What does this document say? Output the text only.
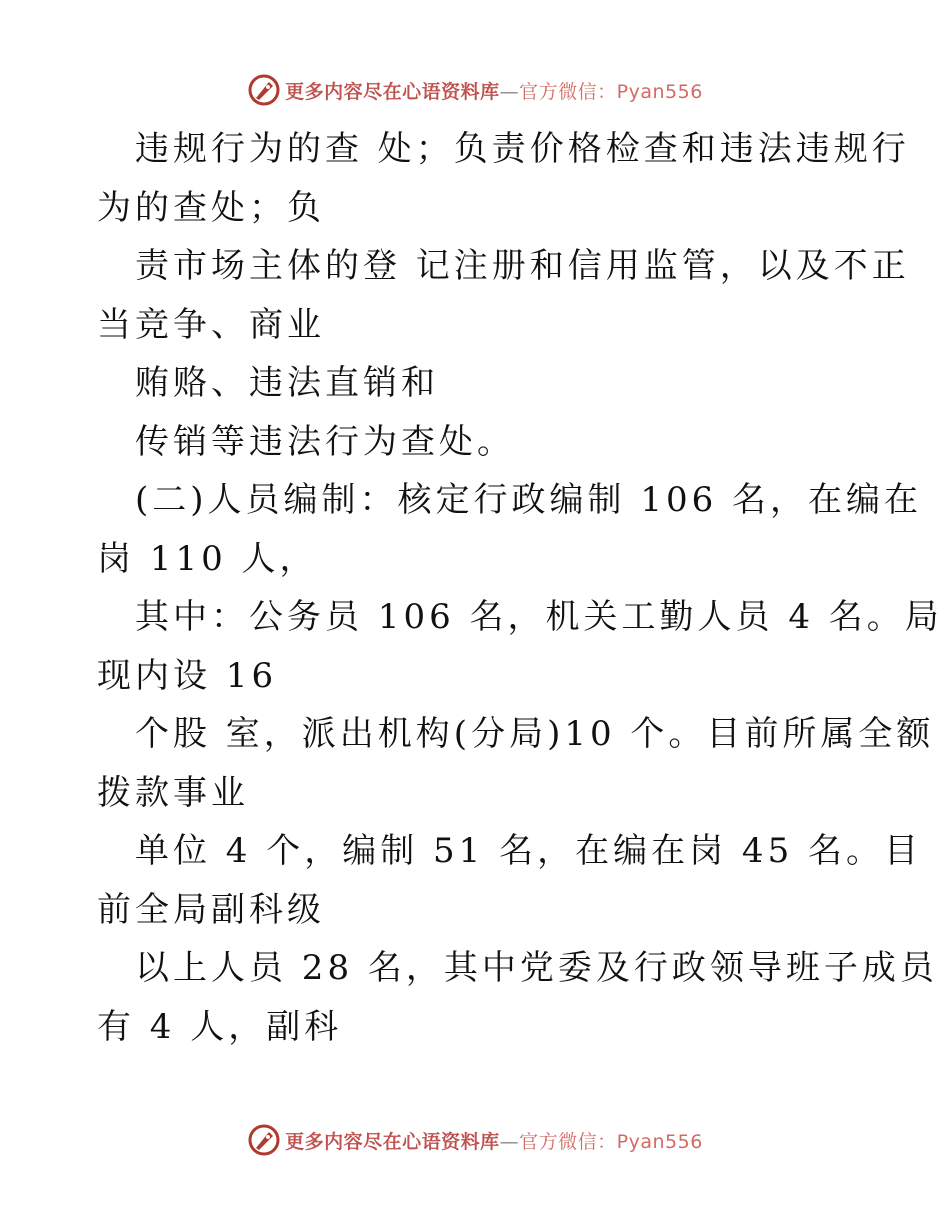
更多内容尽在心语资料库—官方微信：Pyan556
违规行为的查 处；负责价格检查和违法违规行
为的查处；负
责市场主体的登 记注册和信用监管，以及不正
当竞争、商业
贿赂、违法直销和
传销等违法行为查处。
(二)人员编制：核定行政编制 106 名，在编在
岗 110 人，
其中：公务员 106 名，机关工勤人员 4 名。局
现内设 16
个股 室，派出机构(分局)10 个。目前所属全额
拨款事业
单位 4 个，编制 51 名，在编在岗 45 名。目
前全局副科级
以上人员 28 名，其中党委及行政领导班子成员
有 4 人，副科
更多内容尽在心语资料库—官方微信：Pyan556
